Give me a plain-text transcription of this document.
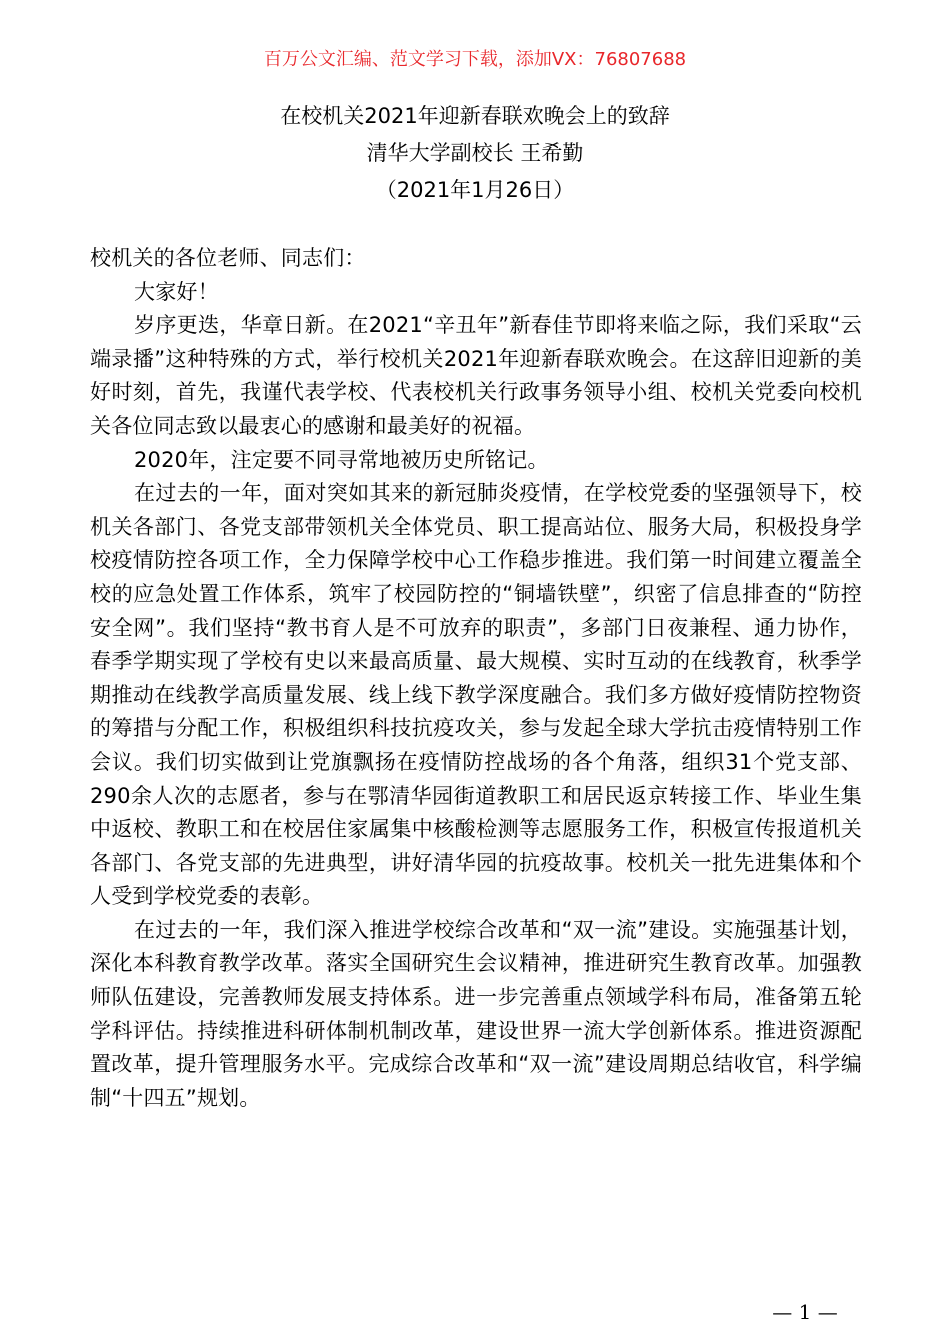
百万公文汇编、范文学习下载，添加VX：76807688
在校机关2021年迎新春联欢晚会上的致辞
清华大学副校长 王希勤
（2021年1月26日）

校机关的各位老师、同志们：

大家好！

岁序更迭，华章日新。在2021“辛丑年”新春佳节即将来临之际，我们采取“云端录播”这种特殊的方式，举行校机关2021年迎新春联欢晚会。在这辞旧迎新的美好时刻，首先，我谨代表学校、代表校机关行政事务领导小组、校机关党委向校机关各位同志致以最衷心的感谢和最美好的祝福。

2020年，注定要不同寻常地被历史所铭记。

在过去的一年，面对突如其来的新冠肺炎疫情，在学校党委的坚强领导下，校机关各部门、各党支部带领机关全体党员、职工提高站位、服务大局，积极投身学校疫情防控各项工作，全力保障学校中心工作稳步推进。我们第一时间建立覆盖全校的应急处置工作体系，筑牢了校园防控的“铜墙铁壁”，织密了信息排查的“防控安全网”。我们坚持“教书育人是不可放弃的职责”，多部门日夜兼程、通力协作，春季学期实现了学校有史以来最高质量、最大规模、实时互动的在线教育，秋季学期推动在线教学高质量发展、线上线下教学深度融合。我们多方做好疫情防控物资的筹措与分配工作，积极组织科技抗疫攻关，参与发起全球大学抗击疫情特别工作会议。我们切实做到让党旗飘扬在疫情防控战场的各个角落，组织31个党支部、290余人次的志愿者，参与在鄂清华园街道教职工和居民返京转接工作、毕业生集中返校、教职工和在校居住家属集中核酸检测等志愿服务工作，积极宣传报道机关各部门、各党支部的先进典型，讲好清华园的抗疫故事。校机关一批先进集体和个人受到学校党委的表彰。

在过去的一年，我们深入推进学校综合改革和“双一流”建设。实施强基计划，深化本科教育教学改革。落实全国研究生会议精神，推进研究生教育改革。加强教师队伍建设，完善教师发展支持体系。进一步完善重点领域学科布局，准备第五轮学科评估。持续推进科研体制机制改革，建设世界一流大学创新体系。推进资源配置改革，提升管理服务水平。完成综合改革和“双一流”建设周期总结收官，科学编制“十四五”规划。

— 1 —
